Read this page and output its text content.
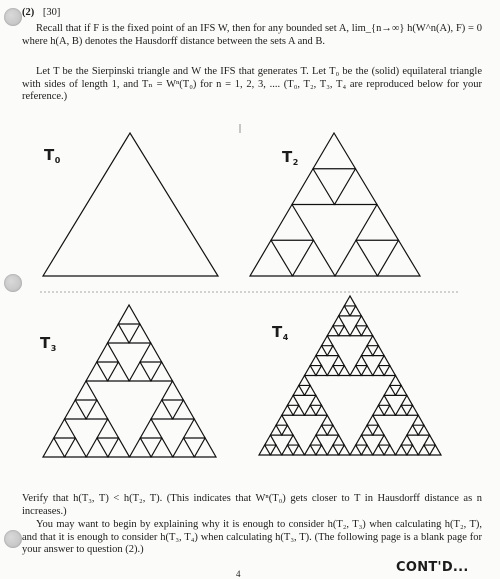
(2) [30]
Recall that if F is the fixed point of an IFS W, then for any bounded set A, lim_{n→∞} h(W^n(A), F) = 0 where h(A, B) denotes the Hausdorff distance between the sets A and B.
Let T be the Sierpinski triangle and W the IFS that generates T. Let T₀ be the (solid) equilateral triangle with sides of length 1, and Tₙ = Wⁿ(T₀) for n = 1, 2, 3, .... (T₀, T₂, T₃, T₄ are reproduced below for your reference.)
$T_0$	$T_2$
$T_3$
$T_4$
Verify that h(T₃, T) < h(T₂, T). (This indicates that Wⁿ(T₀) gets closer to T in Hausdorff distance as n increases.)
You may want to begin by explaining why it is enough to consider h(T₂, T₃) when calculating h(T₂, T), and that it is enough to consider h(T₃, T₄) when calculating h(T₃, T). (The following page is a blank page for your answer to question (2).)
CONT'D...
4
